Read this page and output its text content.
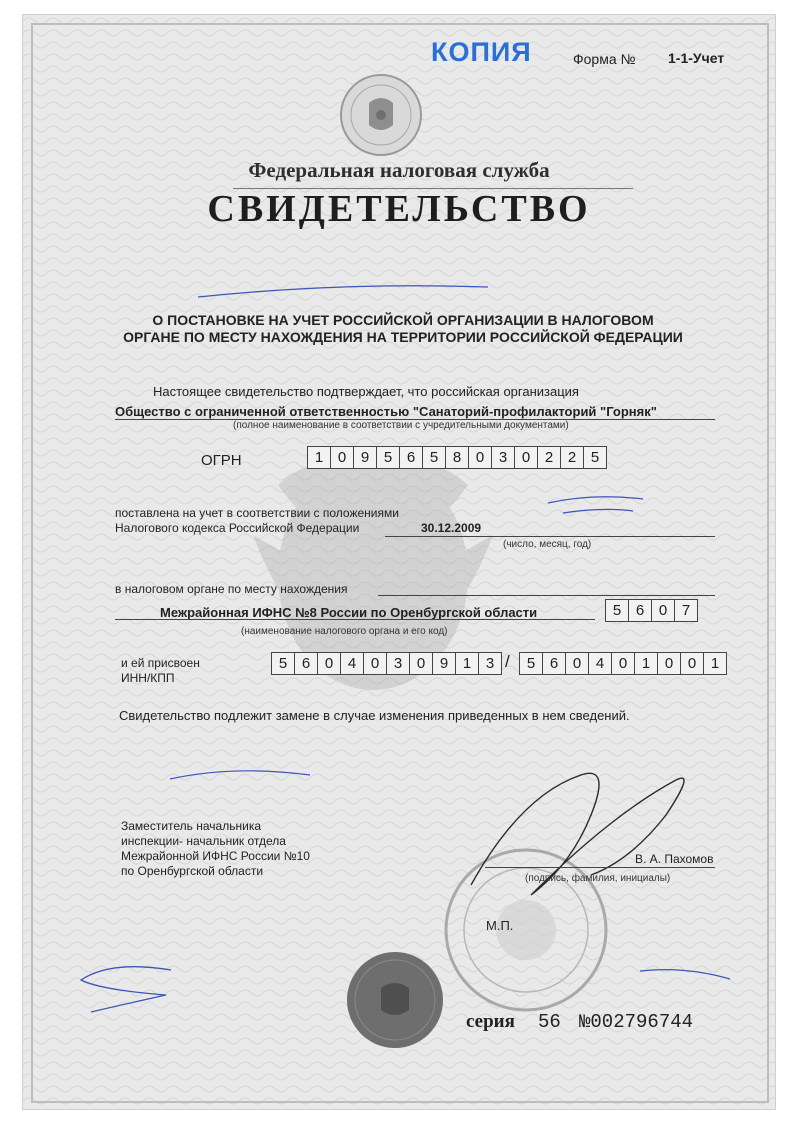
КОПИЯ	Форма № 1-1-Учет
Федеральная налоговая служба
СВИДЕТЕЛЬСТВО
О ПОСТАНОВКЕ НА УЧЕТ РОССИЙСКОЙ ОРГАНИЗАЦИИ В НАЛОГОВОМ ОРГАНЕ ПО МЕСТУ НАХОЖДЕНИЯ НА ТЕРРИТОРИИ РОССИЙСКОЙ ФЕДЕРАЦИИ
Настоящее свидетельство подтверждает, что российская организация
Общество с ограниченной ответственностью "Санаторий-профилакторий "Горняк"
(полное наименование в соответствии с учредительными документами)
ОГРН	1 0 9 5 6 5 8 0 3 0 2 2 5
поставлена на учет в соответствии с положениями
Налогового кодекса Российской Федерации	30.12.2009
(число, месяц, год)
в налоговом органе по месту нахождения
Межрайонная ИФНС №8 России по Оренбургской области	5 6 0 7
(наименование налогового органа и его код)
и ей присвоен
ИНН/КПП
5 6 0 4 0 3 0 9 1 3 /	5 6 0 4 0 1 0 0 1
Свидетельство подлежит замене в случае изменения приведенных в нем сведений.
Заместитель начальника
инспекции- начальник отдела
Межрайонной ИФНС России №10
по Оренбургской области
В. А. Пахомов
(подпись, фамилия, инициалы)
М.П.
серия 56 №002796744
